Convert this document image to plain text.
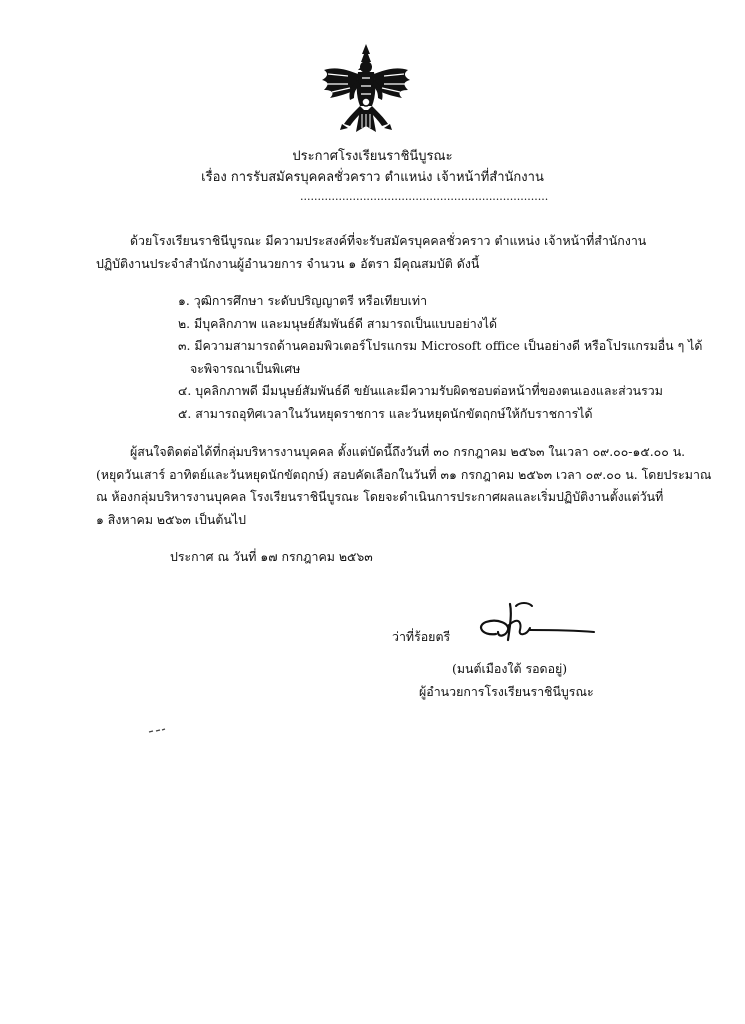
ประกาศโรงเรียนราชินีบูรณะ
เรื่อง การรับสมัครบุคคลชั่วคราว ตำแหน่ง เจ้าหน้าที่สำนักงาน
.......................................................................
ด้วยโรงเรียนราชินีบูรณะ มีความประสงค์ที่จะรับสมัครบุคคลชั่วคราว ตำแหน่ง เจ้าหน้าที่สำนักงาน
ปฏิบัติงานประจำสำนักงานผู้อำนวยการ จำนวน ๑ อัตรา มีคุณสมบัติ ดังนี้
๑. วุฒิการศึกษา ระดับปริญญาตรี หรือเทียบเท่า
๒. มีบุคลิกภาพ และมนุษย์สัมพันธ์ดี สามารถเป็นแบบอย่างได้
๓. มีความสามารถด้านคอมพิวเตอร์โปรแกรม Microsoft office เป็นอย่างดี หรือโปรแกรมอื่น ๆ ได้
จะพิจารณาเป็นพิเศษ
๔. บุคลิกภาพดี มีมนุษย์สัมพันธ์ดี ขยันและมีความรับผิดชอบต่อหน้าที่ของตนเองและส่วนรวม
๕. สามารถอุทิศเวลาในวันหยุดราชการ และวันหยุดนักขัตฤกษ์ให้กับราชการได้
ผู้สนใจติดต่อได้ที่กลุ่มบริหารงานบุคคล ตั้งแต่บัดนี้ถึงวันที่ ๓๐ กรกฎาคม ๒๕๖๓ ในเวลา ๐๙.๐๐-๑๕.๐๐ น.
(หยุดวันเสาร์ อาทิตย์และวันหยุดนักขัตฤกษ์) สอบคัดเลือกในวันที่ ๓๑ กรกฎาคม ๒๕๖๓ เวลา ๐๙.๐๐ น. โดยประมาณ
ณ ห้องกลุ่มบริหารงานบุคคล โรงเรียนราชินีบูรณะ โดยจะดำเนินการประกาศผลและเริ่มปฏิบัติงานตั้งแต่วันที่
๑ สิงหาคม ๒๕๖๓ เป็นต้นไป
ประกาศ ณ วันที่ ๑๗ กรกฎาคม ๒๕๖๓
ว่าที่ร้อยตรี
(มนต์เมืองใต้ รอดอยู่)
ผู้อำนวยการโรงเรียนราชินีบูรณะ
